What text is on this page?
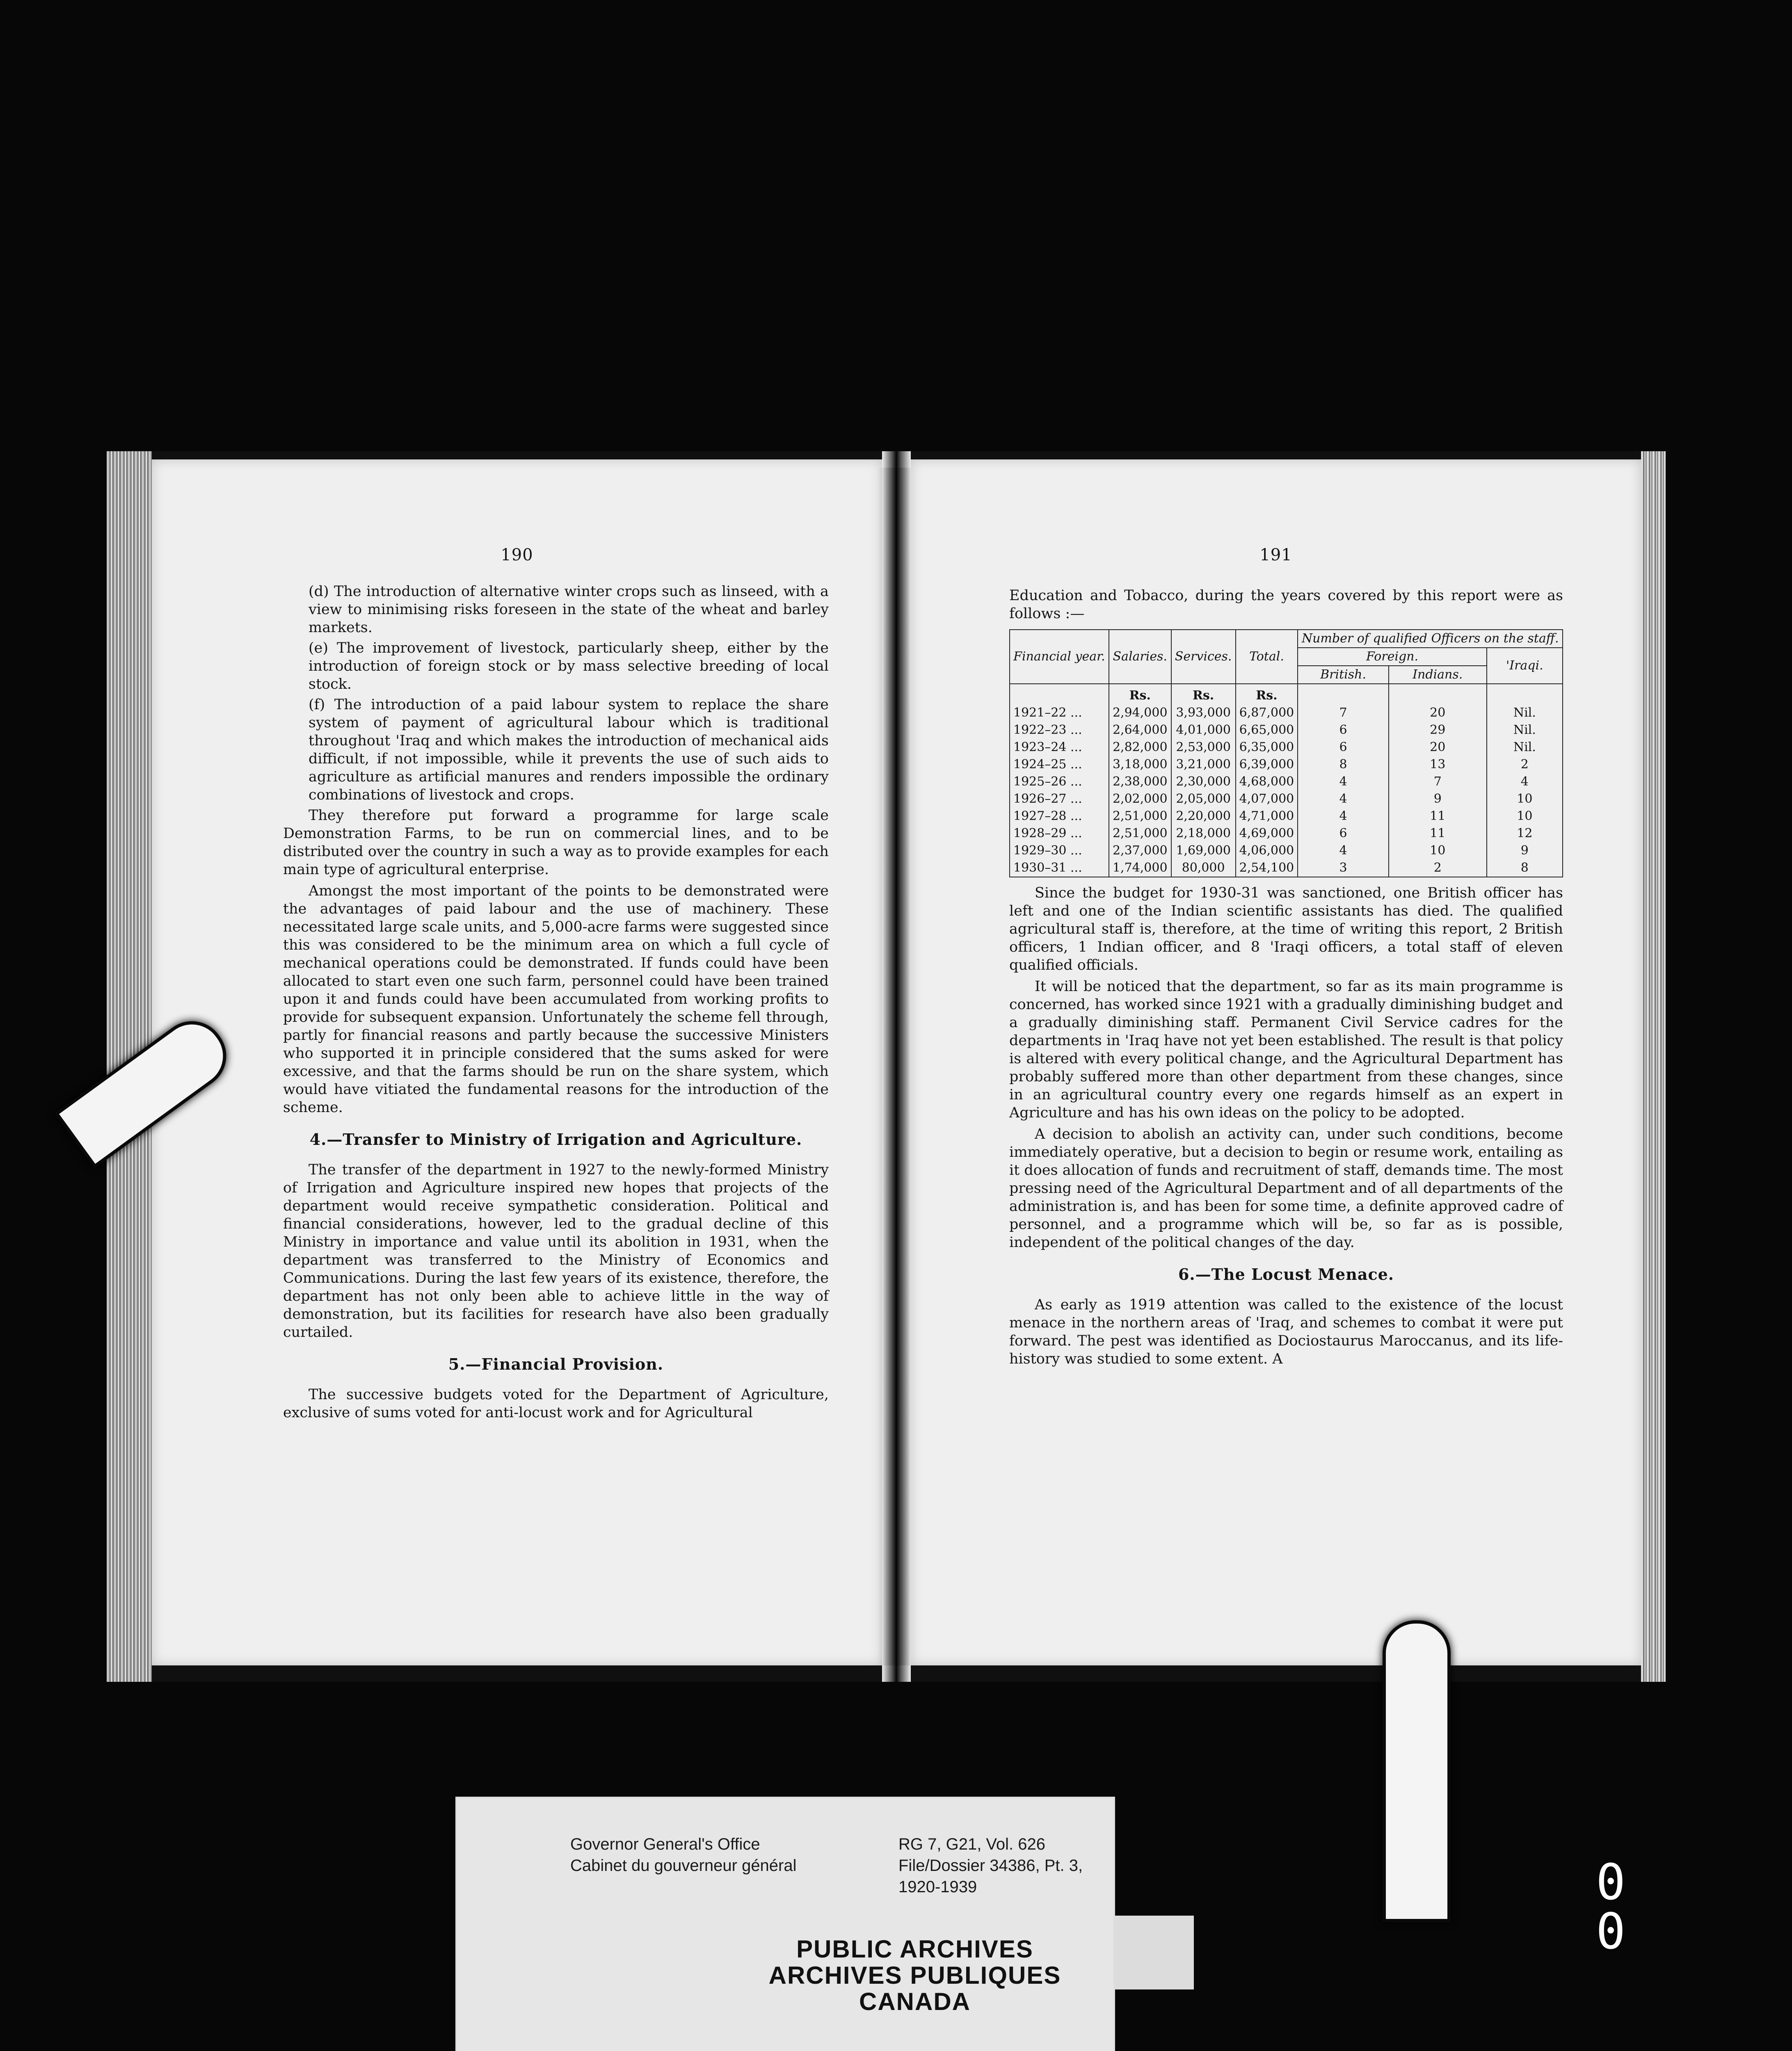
190

(d) The introduction of alternative winter crops such as linseed, with a view to minimising risks foreseen in the state of the wheat and barley markets.

(e) The improvement of livestock, particularly sheep, either by the introduction of foreign stock or by mass selective breeding of local stock.

(f) The introduction of a paid labour system to replace the share system of payment of agricultural labour which is traditional throughout 'Iraq and which makes the introduction of mechanical aids difficult, if not impossible, while it prevents the use of such aids to agriculture as artificial manures and renders impossible the ordinary combinations of livestock and crops.

They therefore put forward a programme for large scale Demonstration Farms, to be run on commercial lines, and to be distributed over the country in such a way as to provide examples for each main type of agricultural enterprise.

Amongst the most important of the points to be demonstrated were the advantages of paid labour and the use of machinery. These necessitated large scale units, and 5,000-acre farms were suggested since this was considered to be the minimum area on which a full cycle of mechanical operations could be demonstrated. If funds could have been allocated to start even one such farm, personnel could have been trained upon it and funds could have been accumulated from working profits to provide for subsequent expansion. Unfortunately the scheme fell through, partly for financial reasons and partly because the successive Ministers who supported it in principle considered that the sums asked for were excessive, and that the farms should be run on the share system, which would have vitiated the fundamental reasons for the introduction of the scheme.

4.—Transfer to Ministry of Irrigation and Agriculture.

The transfer of the department in 1927 to the newly-formed Ministry of Irrigation and Agriculture inspired new hopes that projects of the department would receive sympathetic consideration. Political and financial considerations, however, led to the gradual decline of this Ministry in importance and value until its abolition in 1931, when the department was transferred to the Ministry of Economics and Communications. During the last few years of its existence, therefore, the department has not only been able to achieve little in the way of demonstration, but its facilities for research have also been gradually curtailed.

5.—Financial Provision.

The successive budgets voted for the Department of Agriculture, exclusive of sums voted for anti-locust work and for Agricultural

191

Education and Tobacco, during the years covered by this report were as follows :—

Financial year.	Salaries.	Services.	Total.	Number of qualified Officers on the staff.		
				Foreign.		'Iraqi.
				British.	Indians.	
	Rs.	Rs.	Rs.			
1921–22 ...	2,94,000	3,93,000	6,87,000	7	20	Nil.
1922–23 ...	2,64,000	4,01,000	6,65,000	6	29	Nil.
1923–24 ...	2,82,000	2,53,000	6,35,000	6	20	Nil.
1924–25 ...	3,18,000	3,21,000	6,39,000	8	13	2
1925–26 ...	2,38,000	2,30,000	4,68,000	4	7	4
1926–27 ...	2,02,000	2,05,000	4,07,000	4	9	10
1927–28 ...	2,51,000	2,20,000	4,71,000	4	11	10
1928–29 ...	2,51,000	2,18,000	4,69,000	6	11	12
1929–30 ...	2,37,000	1,69,000	4,06,000	4	10	9
1930–31 ...	1,74,000	80,000	2,54,100	3	2	8

Since the budget for 1930-31 was sanctioned, one British officer has left and one of the Indian scientific assistants has died. The qualified agricultural staff is, therefore, at the time of writing this report, 2 British officers, 1 Indian officer, and 8 'Iraqi officers, a total staff of eleven qualified officials.

It will be noticed that the department, so far as its main programme is concerned, has worked since 1921 with a gradually diminishing budget and a gradually diminishing staff. Permanent Civil Service cadres for the departments in 'Iraq have not yet been established. The result is that policy is altered with every political change, and the Agricultural Department has probably suffered more than other department from these changes, since in an agricultural country every one regards himself as an expert in Agriculture and has his own ideas on the policy to be adopted.

A decision to abolish an activity can, under such conditions, become immediately operative, but a decision to begin or resume work, entailing as it does allocation of funds and recruitment of staff, demands time. The most pressing need of the Agricultural Department and of all departments of the administration is, and has been for some time, a definite approved cadre of personnel, and a programme which will be, so far as is possible, independent of the political changes of the day.

6.—The Locust Menace.

As early as 1919 attention was called to the existence of the locust menace in the northern areas of 'Iraq, and schemes to combat it were put forward. The pest was identified as Dociostaurus Maroccanus, and its life-history was studied to some extent. A

Governor General's Office
Cabinet du gouverneur général
RG 7, G21, Vol. 626
File/Dossier 34386, Pt. 3,
1920-1939
PUBLIC ARCHIVES
ARCHIVES PUBLIQUES
CANADA
0 0
